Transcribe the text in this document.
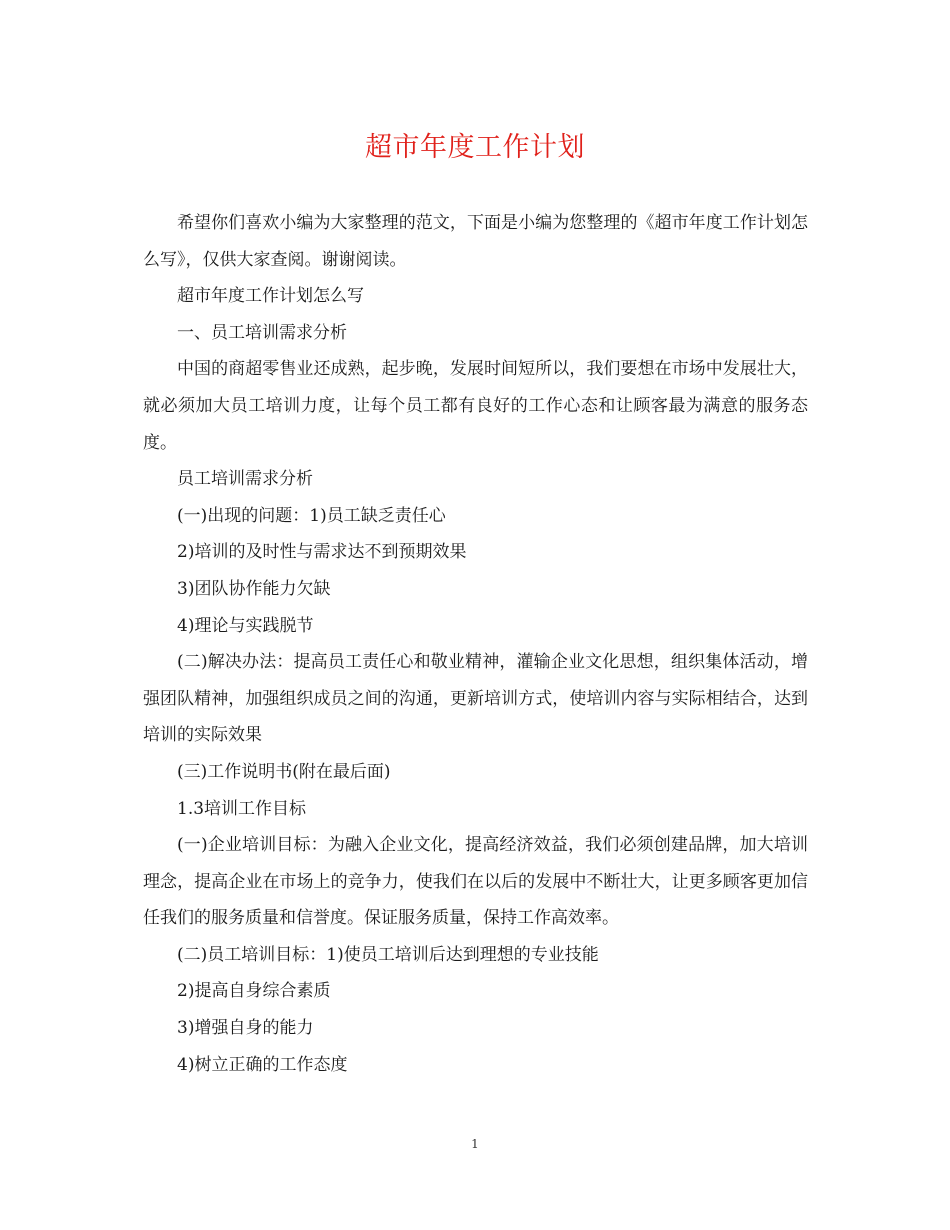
超市年度工作计划

希望你们喜欢小编为大家整理的范文，下面是小编为您整理的《超市年度工作计划怎么写》，仅供大家查阅。谢谢阅读。

超市年度工作计划怎么写

一、员工培训需求分析

中国的商超零售业还成熟，起步晚，发展时间短所以，我们要想在市场中发展壮大，就必须加大员工培训力度，让每个员工都有良好的工作心态和让顾客最为满意的服务态度。

员工培训需求分析

(一)出现的问题：1)员工缺乏责任心

2)培训的及时性与需求达不到预期效果

3)团队协作能力欠缺

4)理论与实践脱节

(二)解决办法：提高员工责任心和敬业精神，灌输企业文化思想，组织集体活动，增强团队精神，加强组织成员之间的沟通，更新培训方式，使培训内容与实际相结合，达到培训的实际效果

(三)工作说明书(附在最后面)

1.3培训工作目标

(一)企业培训目标：为融入企业文化，提高经济效益，我们必须创建品牌，加大培训理念，提高企业在市场上的竞争力，使我们在以后的发展中不断壮大，让更多顾客更加信任我们的服务质量和信誉度。保证服务质量，保持工作高效率。

(二)员工培训目标：1)使员工培训后达到理想的专业技能

2)提高自身综合素质

3)增强自身的能力

4)树立正确的工作态度

1
